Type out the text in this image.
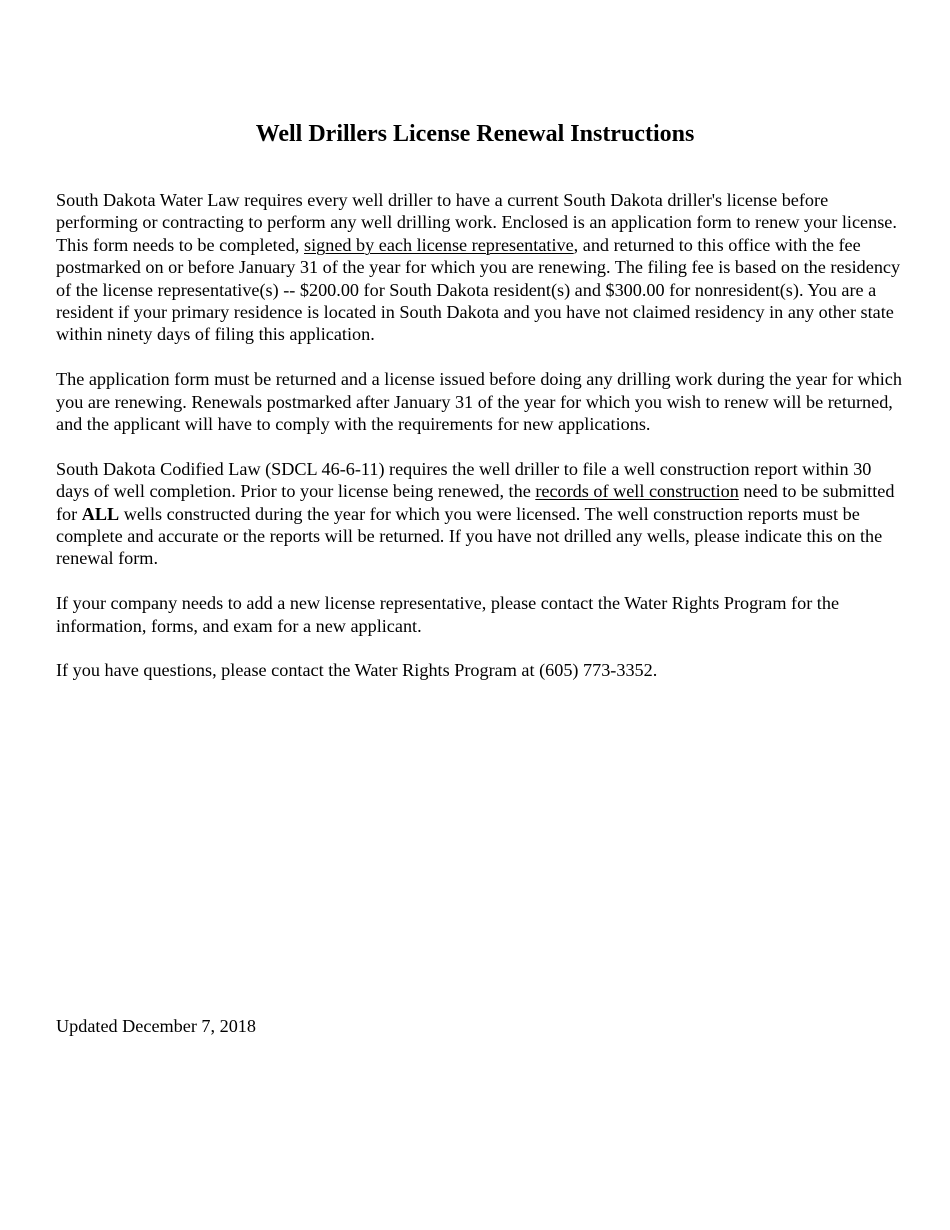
Well Drillers License Renewal Instructions

South Dakota Water Law requires every well driller to have a current South Dakota driller's license before performing or contracting to perform any well drilling work. Enclosed is an application form to renew your license. This form needs to be completed, signed by each license representative, and returned to this office with the fee postmarked on or before January 31 of the year for which you are renewing. The filing fee is based on the residency of the license representative(s) -- $200.00 for South Dakota resident(s) and $300.00 for nonresident(s). You are a resident if your primary residence is located in South Dakota and you have not claimed residency in any other state within ninety days of filing this application.

The application form must be returned and a license issued before doing any drilling work during the year for which you are renewing. Renewals postmarked after January 31 of the year for which you wish to renew will be returned, and the applicant will have to comply with the requirements for new applications.

South Dakota Codified Law (SDCL 46-6-11) requires the well driller to file a well construction report within 30 days of well completion. Prior to your license being renewed, the records of well construction need to be submitted for ALL wells constructed during the year for which you were licensed. The well construction reports must be complete and accurate or the reports will be returned. If you have not drilled any wells, please indicate this on the renewal form.

If your company needs to add a new license representative, please contact the Water Rights Program for the information, forms, and exam for a new applicant.

If you have questions, please contact the Water Rights Program at (605) 773-3352.

Updated December 7, 2018
